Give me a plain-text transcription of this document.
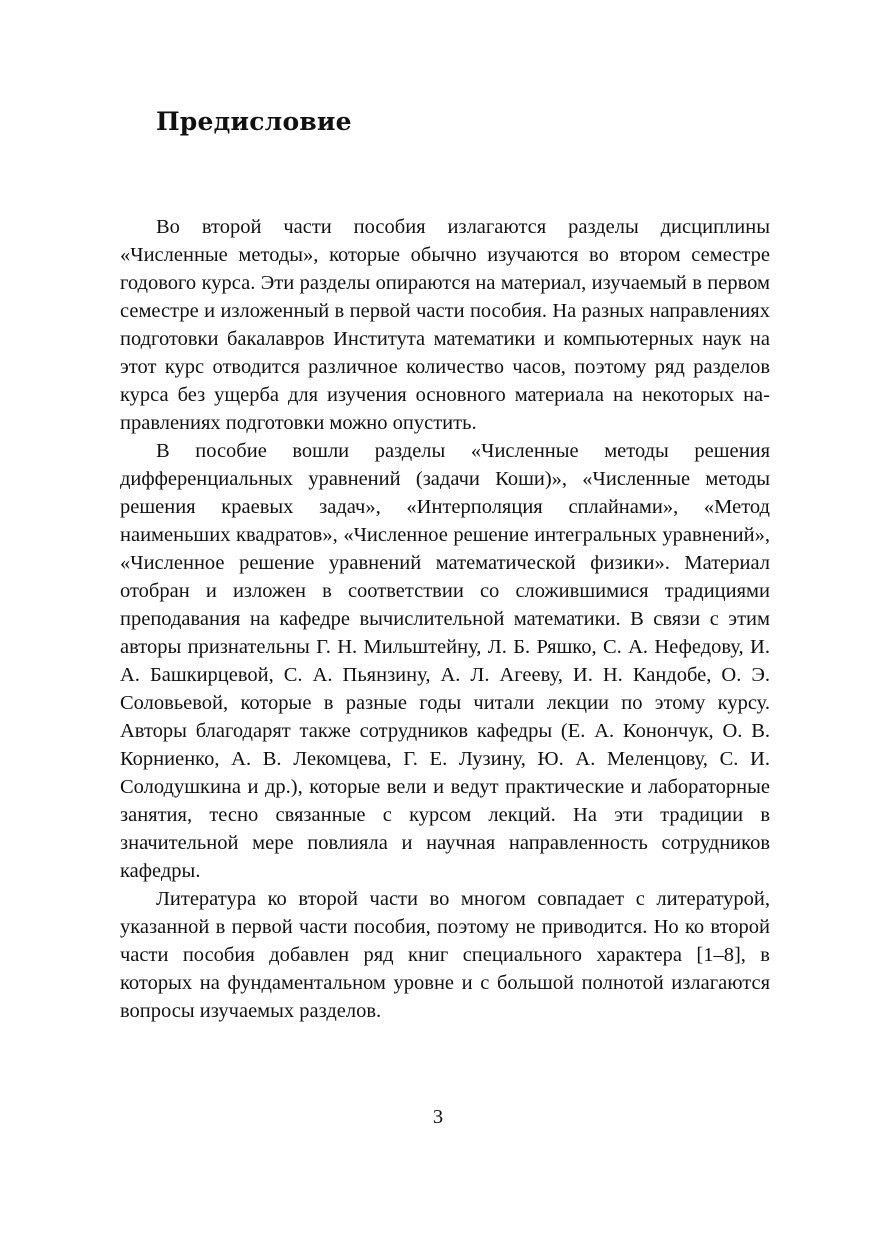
Предисловие

Во второй части пособия излагаются разделы дисциплины «Численные методы», которые обычно изучаются во втором семестре годового курса. Эти разделы опираются на материал, изучаемый в первом семестре и изложенный в первой части пособия. На разных направлениях подготовки бакалавров Института математики и компьютерных наук на этот курс отводится различное количество часов, поэтому ряд разделов курса без ущерба для изучения основного материала на некоторых направлениях подготовки можно опустить.

В пособие вошли разделы «Численные методы решения дифференциальных уравнений (задачи Коши)», «Численные методы решения краевых задач», «Интерполяция сплайнами», «Метод наименьших квадратов», «Численное решение интегральных уравнений», «Численное решение уравнений математической физики». Материал отобран и изложен в соответствии со сложившимися традициями преподавания на кафедре вычислительной математики. В связи с этим авторы признательны Г. Н. Мильштейну, Л. Б. Ряшко, С. А. Нефедову, И. А. Башкирцевой, С. А. Пьянзину, А. Л. Агееву, И. Н. Кандобе, О. Э. Соловьевой, которые в разные годы читали лекции по этому курсу. Авторы благодарят также сотрудников кафедры (Е. А. Конончук, О. В. Корниенко, А. В. Лекомцева, Г. Е. Лузину, Ю. А. Меленцову, С. И. Солодушкина и др.), которые вели и ведут практические и лабораторные занятия, тесно связанные с курсом лекций. На эти традиции в значительной мере повлияла и научная направленность сотрудников кафедры.

Литература ко второй части во многом совпадает с литературой, указанной в первой части пособия, поэтому не приводится. Но ко второй части пособия добавлен ряд книг специального характера [1–8], в которых на фундаментальном уровне и с большой полнотой излагаются вопросы изучаемых разделов.

3
